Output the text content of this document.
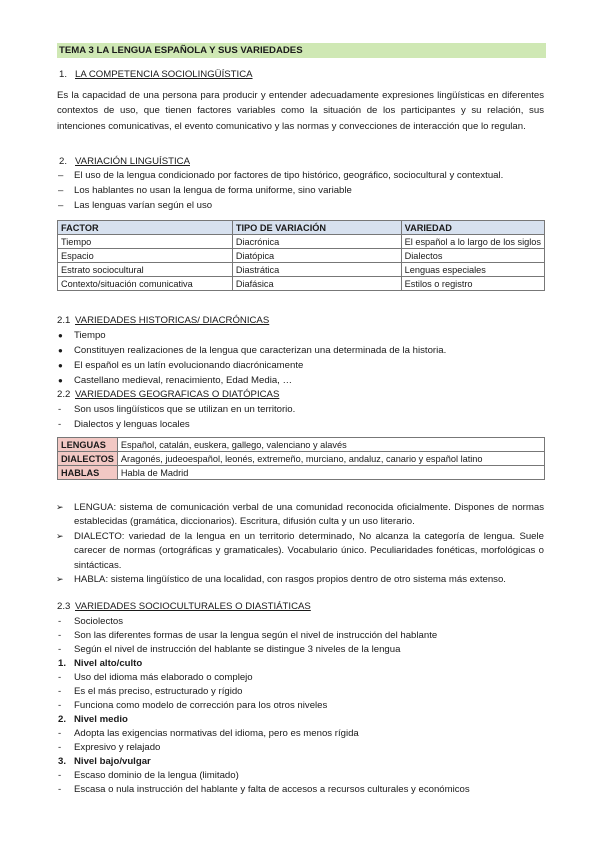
TEMA 3 LA LENGUA ESPAÑOLA Y SUS VARIEDADES
1. LA COMPETENCIA SOCIOLINGÜÍSTICA
Es la capacidad de una persona para producir y entender adecuadamente expresiones lingüísticas en diferentes contextos de uso, que tienen factores variables como la situación de los participantes y su relación, sus intenciones comunicativas, el evento comunicativo y las normas y convecciones de interacción que lo regulan.
2. VARIACIÓN LINGUÍSTICA
– El uso de la lengua condicionado por factores de tipo histórico, geográfico, sociocultural y contextual.
– Los hablantes no usan la lengua de forma uniforme, sino variable
– Las lenguas varían según el uso
FACTOR	TIPO DE VARIACIÓN	VARIEDAD
Tiempo	Diacrónica	El español a lo largo de los siglos
Espacio	Diatópica	Dialectos
Estrato sociocultural	Diastrática	Lenguas especiales
Contexto/situación comunicativa	Diafásica	Estilos o registro
2.1 VARIEDADES HISTORICAS/ DIACRÓNICAS
● Tiempo
● Constituyen realizaciones de la lengua que caracterizan una determinada de la historia.
● El español es un latín evolucionando diacrónicamente
● Castellano medieval, renacimiento, Edad Media, …
2.2 VARIEDADES GEOGRAFICAS O DIATÓPICAS
- Son usos lingüísticos que se utilizan en un territorio.
- Dialectos y lenguas locales
LENGUAS	Español, catalán, euskera, gallego, valenciano y alavés
DIALECTOS	Aragonés, judeoespañol, leonés, extremeño, murciano, andaluz, canario y español latino
HABLAS	Habla de Madrid
➢ LENGUA: sistema de comunicación verbal de una comunidad reconocida oficialmente. Dispones de normas establecidas (gramática, diccionarios). Escritura, difusión culta y un uso literario.
➢ DIALECTO: variedad de la lengua en un territorio determinado, No alcanza la categoría de lengua. Suele carecer de normas (ortográficas y gramaticales). Vocabulario único. Peculiaridades fonéticas, morfológicas o sintácticas.
➢ HABLA: sistema lingüístico de una localidad, con rasgos propios dentro de otro sistema más extenso.
2.3 VARIEDADES SOCIOCULTURALES O DIASTIÁTICAS
- Sociolectos
- Son las diferentes formas de usar la lengua según el nivel de instrucción del hablante
- Según el nivel de instrucción del hablante se distingue 3 niveles de la lengua
1. Nivel alto/culto
- Uso del idioma más elaborado o complejo
- Es el más preciso, estructurado y rígido
- Funciona como modelo de corrección para los otros niveles
2. Nivel medio
- Adopta las exigencias normativas del idioma, pero es menos rígida
- Expresivo y relajado
3. Nivel bajo/vulgar
- Escaso dominio de la lengua (limitado)
- Escasa o nula instrucción del hablante y falta de accesos a recursos culturales y económicos
